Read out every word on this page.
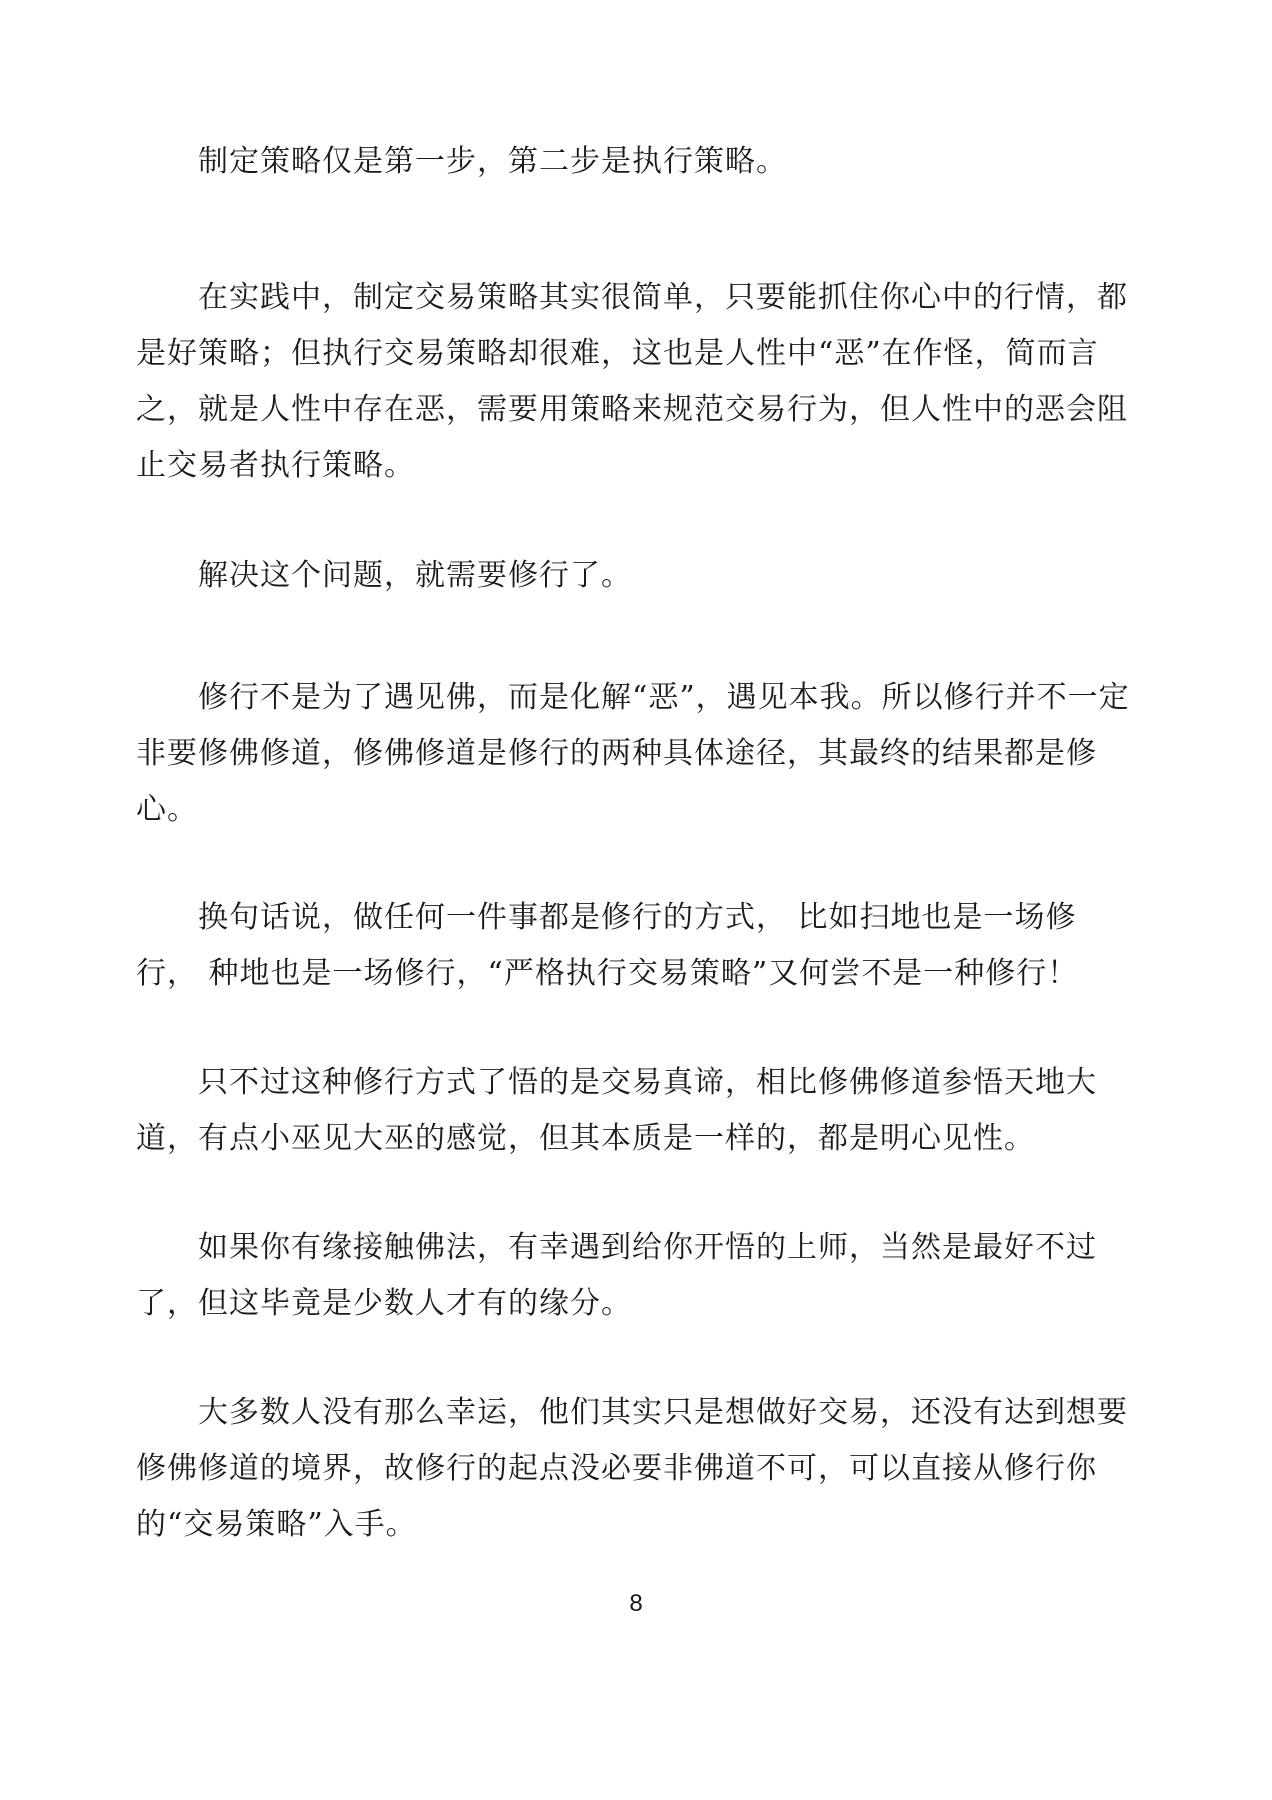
制定策略仅是第一步，第二步是执行策略。

在实践中，制定交易策略其实很简单，只要能抓住你心中的行情，都是好策略；但执行交易策略却很难，这也是人性中“恶”在作怪，简而言之，就是人性中存在恶，需要用策略来规范交易行为，但人性中的恶会阻止交易者执行策略。

解决这个问题，就需要修行了。

修行不是为了遇见佛，而是化解“恶”，遇见本我。所以修行并不一定非要修佛修道，修佛修道是修行的两种具体途径，其最终的结果都是修心。

换句话说，做任何一件事都是修行的方式， 比如扫地也是一场修行， 种地也是一场修行，“严格执行交易策略”又何尝不是一种修行！

只不过这种修行方式了悟的是交易真谛，相比修佛修道参悟天地大道，有点小巫见大巫的感觉，但其本质是一样的，都是明心见性。

如果你有缘接触佛法，有幸遇到给你开悟的上师，当然是最好不过了，但这毕竟是少数人才有的缘分。

大多数人没有那么幸运，他们其实只是想做好交易，还没有达到想要修佛修道的境界，故修行的起点没必要非佛道不可，可以直接从修行你的“交易策略”入手。

8
